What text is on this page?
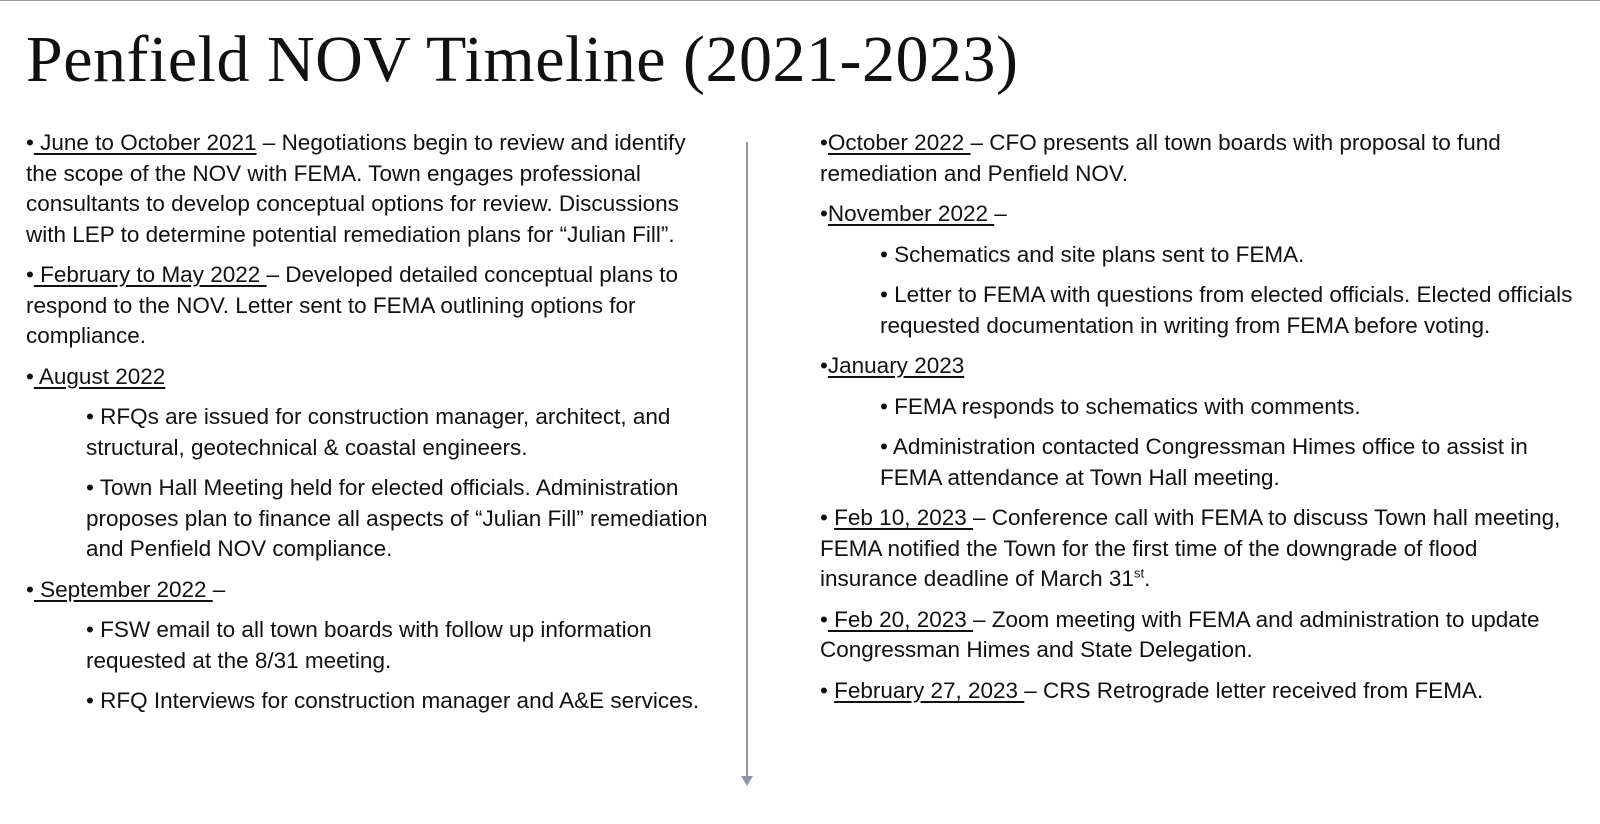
Penfield NOV Timeline (2021-2023)

• June to October 2021 – Negotiations begin to review and identify the scope of the NOV with FEMA. Town engages professional consultants to develop conceptual options for review. Discussions with LEP to determine potential remediation plans for “Julian Fill”.

• February to May 2022 – Developed detailed conceptual plans to respond to the NOV. Letter sent to FEMA outlining options for compliance.

• August 2022

• RFQs are issued for construction manager, architect, and structural, geotechnical & coastal engineers.

• Town Hall Meeting held for elected officials. Administration proposes plan to finance all aspects of “Julian Fill” remediation and Penfield NOV compliance.

• September 2022 –

• FSW email to all town boards with follow up information requested at the 8/31 meeting.

• RFQ Interviews for construction manager and A&E services.

•October 2022 – CFO presents all town boards with proposal to fund remediation and Penfield NOV.

•November 2022 –

• Schematics and site plans sent to FEMA.

• Letter to FEMA with questions from elected officials. Elected officials requested documentation in writing from FEMA before voting.

•January 2023

• FEMA responds to schematics with comments.

• Administration contacted Congressman Himes office to assist in FEMA attendance at Town Hall meeting.

• Feb 10, 2023 – Conference call with FEMA to discuss Town hall meeting, FEMA notified the Town for the first time of the downgrade of flood insurance deadline of March 31st.

• Feb 20, 2023 – Zoom meeting with FEMA and administration to update Congressman Himes and State Delegation.

• February 27, 2023 – CRS Retrograde letter received from FEMA.
